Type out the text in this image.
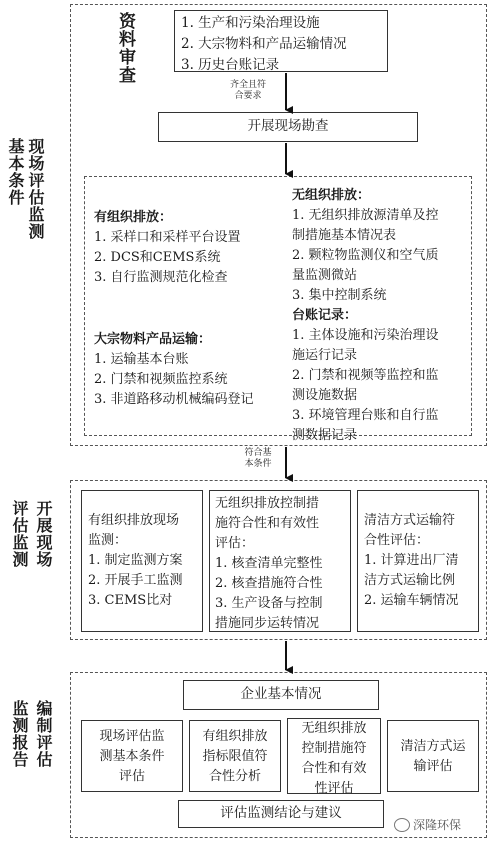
现场评估监测
基本条件
资料审查	1. 生产和污染治理设施
2. 大宗物料和产品运输情况
3. 历史台账记录
齐全且符
合要求
开展现场勘查
有组织排放：
1. 采样口和采样平台设置
2. DCS和CEMS系统
3. 自行监测规范化检查
大宗物料产品运输：
1. 运输基本台账
2. 门禁和视频监控系统
3. 非道路移动机械编码登记
无组织排放：
1. 无组织排放源清单及控
制措施基本情况表
2. 颗粒物监测仪和空气质
量监测微站
3. 集中控制系统
台账记录：
1. 主体设施和污染治理设
施运行记录
2. 门禁和视频等监控和监
测设施数据
3. 环境管理台账和自行监
测数据记录
符合基
本条件
开展现场
评估监测	有组织排放现场
监测：
1. 制定监测方案
2. 开展手工监测
3. CEMS比对
无组织排放控制措
施符合性和有效性
评估：
1. 核查清单完整性
2. 核查措施符合性
3. 生产设备与控制
措施同步运转情况
清洁方式运输符
合性评估：
1. 计算进出厂清
洁方式运输比例
2. 运输车辆情况
编制评估
监测报告
企业基本情况
现场评估监
测基本条件
评估
有组织排放
指标限值符
合性分析
无组织排放
控制措施符
合性和有效
性评估
清洁方式运
输评估
评估监测结论与建议
深隆环保
